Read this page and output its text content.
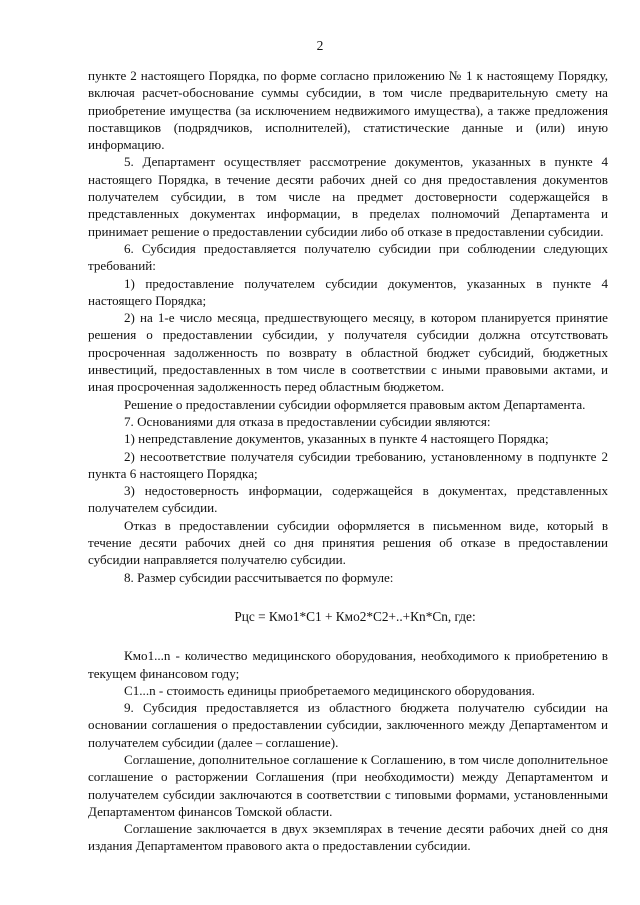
2

пункте 2 настоящего Порядка, по форме согласно приложению № 1 к настоящему Порядку, включая расчет-обоснование суммы субсидии, в том числе предварительную смету на приобретение имущества (за исключением недвижимого имущества), а также предложения поставщиков (подрядчиков, исполнителей), статистические данные и (или) иную информацию.

5. Департамент осуществляет рассмотрение документов, указанных в пункте 4 настоящего Порядка, в течение десяти рабочих дней со дня предоставления документов получателем субсидии, в том числе на предмет достоверности содержащейся в представленных документах информации, в пределах полномочий Департамента и принимает решение о предоставлении субсидии либо об отказе в предоставлении субсидии.

6. Субсидия предоставляется получателю субсидии при соблюдении следующих требований:

1) предоставление получателем субсидии документов, указанных в пункте 4 настоящего Порядка;

2) на 1-е число месяца, предшествующего месяцу, в котором планируется принятие решения о предоставлении субсидии, у получателя субсидии должна отсутствовать просроченная задолженность по возврату в областной бюджет субсидий, бюджетных инвестиций, предоставленных в том числе в соответствии с иными правовыми актами, и иная просроченная задолженность перед областным бюджетом.

Решение о предоставлении субсидии оформляется правовым актом Департамента.

7. Основаниями для отказа в предоставлении субсидии являются:

1) непредставление документов, указанных в пункте 4 настоящего Порядка;

2) несоответствие получателя субсидии требованию, установленному в подпункте 2 пункта 6 настоящего Порядка;

3) недостоверность информации, содержащейся в документах, представленных получателем субсидии.

Отказ в предоставлении субсидии оформляется в письменном виде, который в течение десяти рабочих дней со дня принятия решения об отказе в предоставлении субсидии направляется получателю субсидии.

8. Размер субсидии рассчитывается по формуле:

Рцс = Кмо1*С1 + Кмо2*С2+..+Кn*Сn, где:

Кмо1...n - количество медицинского оборудования, необходимого к приобретению в текущем финансовом году;

С1...n - стоимость единицы приобретаемого медицинского оборудования.

9. Субсидия предоставляется из областного бюджета получателю субсидии на основании соглашения о предоставлении субсидии, заключенного между Департаментом и получателем субсидии (далее – соглашение).

Соглашение, дополнительное соглашение к Соглашению, в том числе дополнительное соглашение о расторжении Соглашения (при необходимости) между Департаментом и получателем субсидии заключаются в соответствии с типовыми формами, установленными Департаментом финансов Томской области.

Соглашение заключается в двух экземплярах в течение десяти рабочих дней со дня издания Департаментом правового акта о предоставлении субсидии.
